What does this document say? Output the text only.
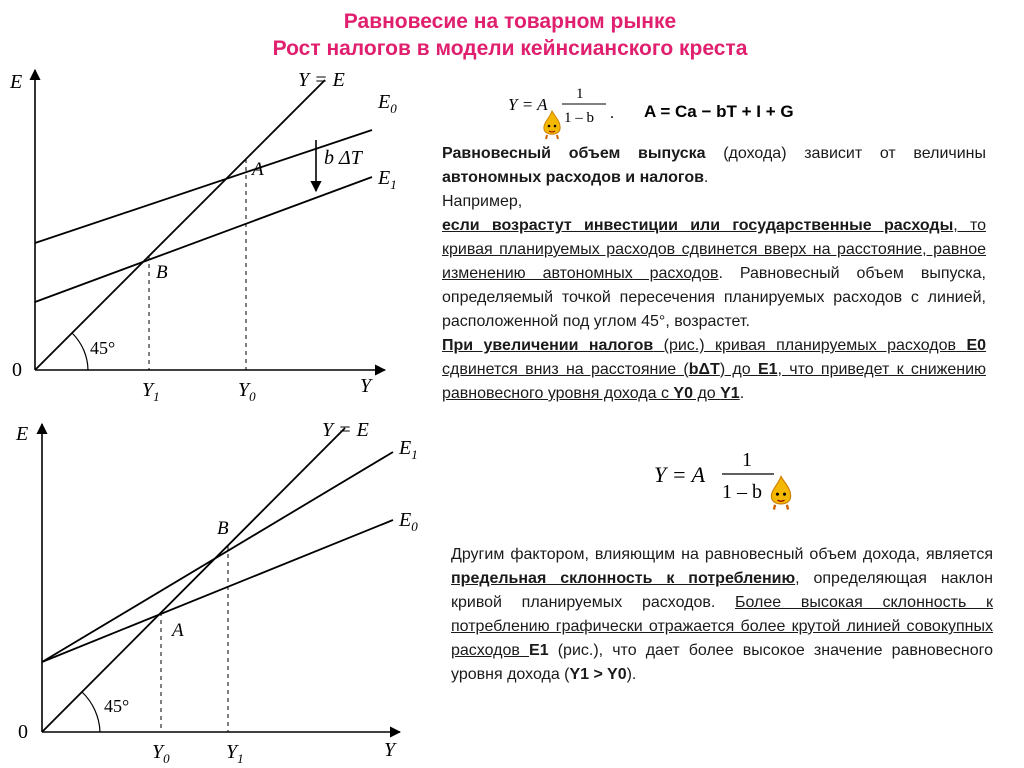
Равновесие на товарном рынке
Рост налогов в модели кейнсианского креста
E
Y
0
Y = E
$E_0$
$E_1$
b ΔT
A
B
45°
$Y_1$	$Y_0$
E
Y
0
Y = E
$E_1$
$E_0$
B
A
45°
$Y_0$	$Y_1$
Y = A
1
1 – b . A = Ca − bT + I + G
Равновесный объем выпуска (дохода) зависит от величины автономных расходов и налогов.
Например,
если возрастут инвестиции или государственные расходы, то кривая планируемых расходов сдвинется вверх на расстояние, равное изменению автономных расходов. Равновесный объем выпуска, определяемый точкой пересечения планируемых расходов с линией, расположенной под углом 45°, возрастет.
При увеличении налогов (рис.) кривая планируемых расходов E0 сдвинется вниз на расстояние (bΔT) до E1, что приведет к снижению равновесного уровня дохода с Y0 до Y1.
Y = A
1
1 – b
Другим фактором, влияющим на равновесный объем дохода, является предельная склонность к потреблению, определяющая наклон кривой планируемых расходов. Более высокая склонность к потреблению графически отражается более крутой линией совокупных расходов E1 (рис.), что дает более высокое значение равновесного уровня дохода (Y1 > Y0).
